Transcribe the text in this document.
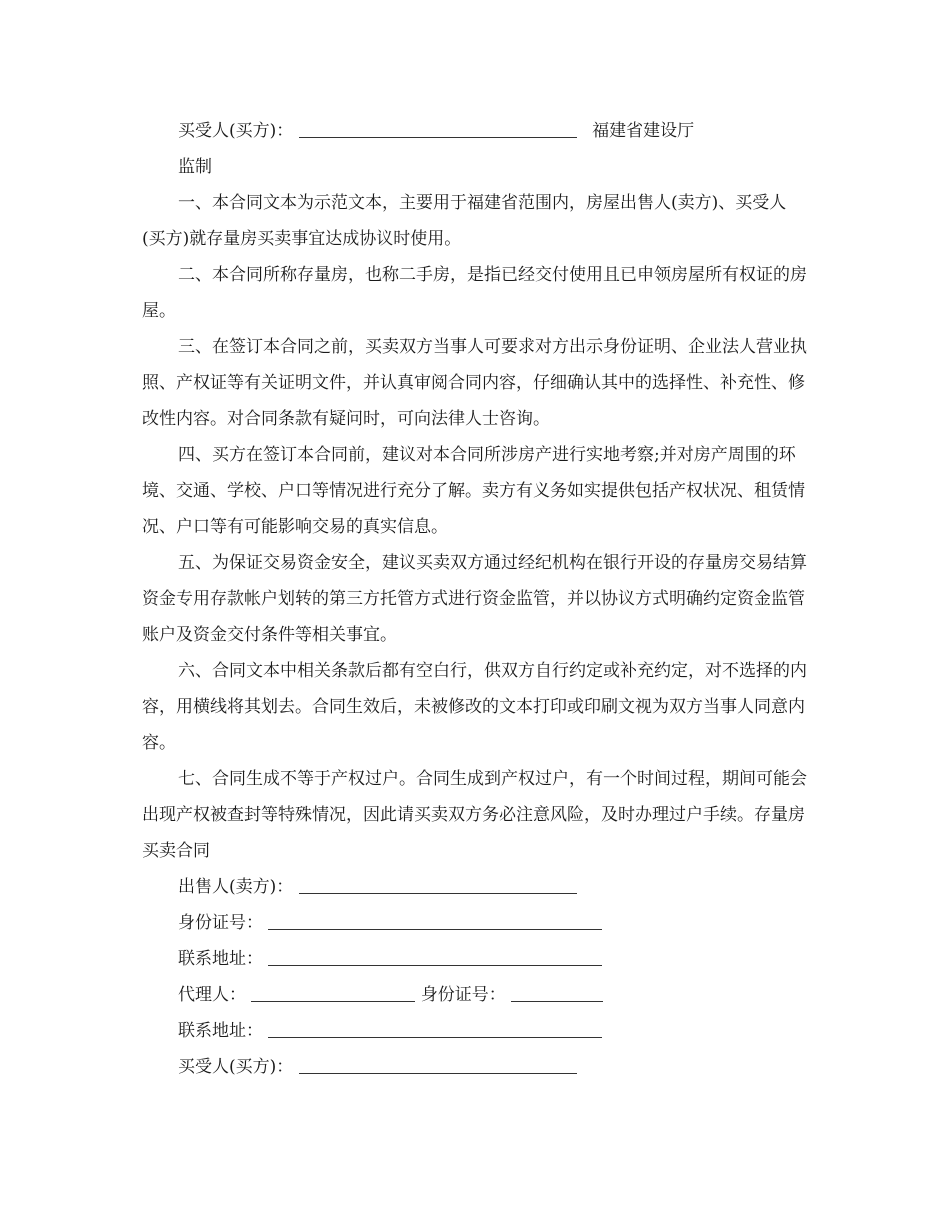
买受人(买方)：	福建省建设厅
监制
一、本合同文本为示范文本，主要用于福建省范围内，房屋出售人(卖方)、买受人(买方)就存量房买卖事宜达成协议时使用。
二、本合同所称存量房，也称二手房，是指已经交付使用且已申领房屋所有权证的房屋。
三、在签订本合同之前，买卖双方当事人可要求对方出示身份证明、企业法人营业执照、产权证等有关证明文件，并认真审阅合同内容，仔细确认其中的选择性、补充性、修改性内容。对合同条款有疑问时，可向法律人士咨询。
四、买方在签订本合同前，建议对本合同所涉房产进行实地考察;并对房产周围的环境、交通、学校、户口等情况进行充分了解。卖方有义务如实提供包括产权状况、租赁情况、户口等有可能影响交易的真实信息。
五、为保证交易资金安全，建议买卖双方通过经纪机构在银行开设的存量房交易结算资金专用存款帐户划转的第三方托管方式进行资金监管，并以协议方式明确约定资金监管账户及资金交付条件等相关事宜。
六、合同文本中相关条款后都有空白行，供双方自行约定或补充约定，对不选择的内容，用横线将其划去。合同生效后，未被修改的文本打印或印刷文视为双方当事人同意内容。
七、合同生成不等于产权过户。合同生成到产权过户，有一个时间过程，期间可能会出现产权被查封等特殊情况，因此请买卖双方务必注意风险，及时办理过户手续。存量房买卖合同
出售人(卖方)：
身份证号：
联系地址：
代理人：	身份证号：
联系地址：
买受人(买方)：
